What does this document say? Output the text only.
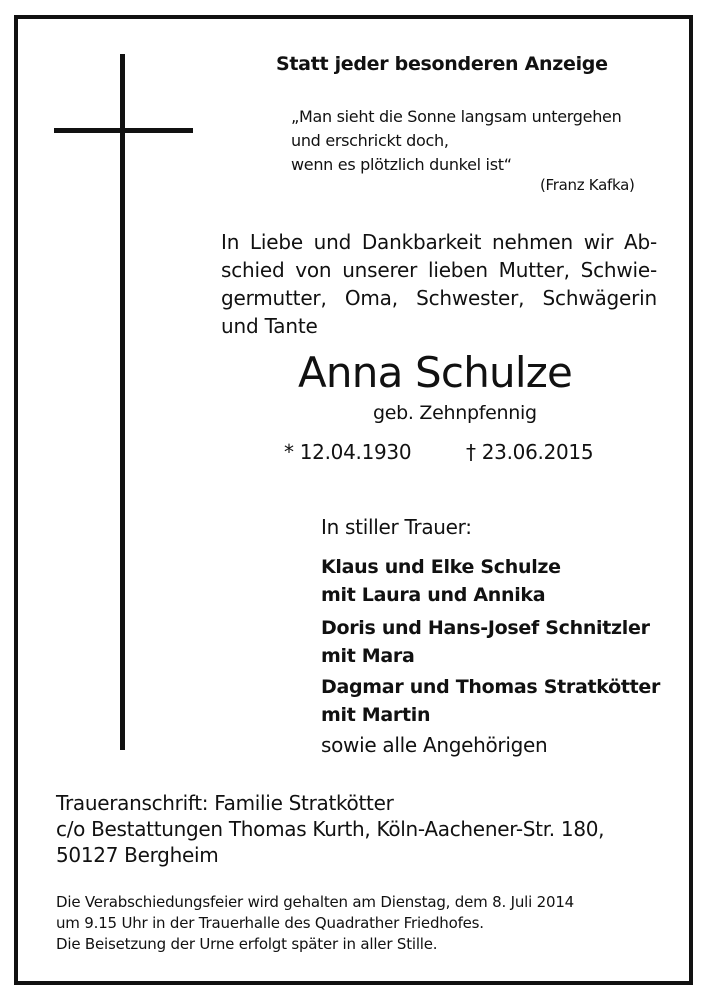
Statt jeder besonderen Anzeige
„Man sieht die Sonne langsam untergehen
und erschrickt doch,
wenn es plötzlich dunkel ist“
(Franz Kafka)
In Liebe und Dankbarkeit nehmen wir Ab-
schied von unserer lieben Mutter, Schwie-
germutter, Oma, Schwester, Schwägerin
und Tante
Anna Schulze
geb. Zehnpfennig
* 12.04.1930	† 23.06.2015
In stiller Trauer:
Klaus und Elke Schulze
mit Laura und Annika
Doris und Hans-Josef Schnitzler
mit Mara
Dagmar und Thomas Stratkötter
mit Martin
sowie alle Angehörigen
Traueranschrift: Familie Stratkötter
c/o Bestattungen Thomas Kurth, Köln-Aachener-Str. 180,
50127 Bergheim
Die Verabschiedungsfeier wird gehalten am Dienstag, dem 8. Juli 2014
um 9.15 Uhr in der Trauerhalle des Quadrather Friedhofes.
Die Beisetzung der Urne erfolgt später in aller Stille.
